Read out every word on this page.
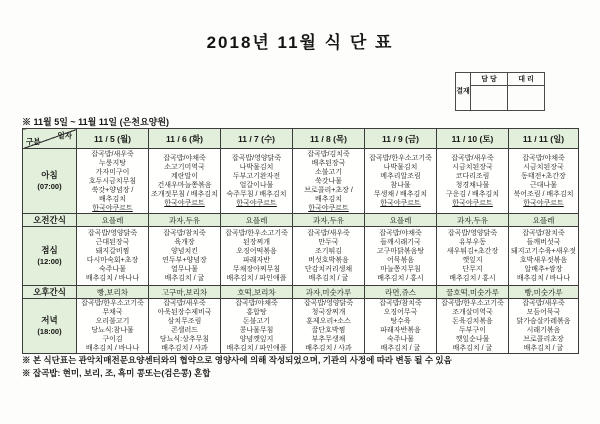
2018년 11월 식 단 표
결재	담 당	대 리

※ 11월 5일 ~ 11월 11일 (은천요양원)
일자
구분	11 / 5 (월)	11 / 6 (화)	11 / 7 (수)	11 / 8 (목)	11 / 9 (금)	11 / 10 (토)	11 / 11 (일)

아침
(07:00)

잡곡밥/새우죽
누룽지탕
가자미구이
호두시금치무침
쑥갓+양념장 /
배추김치
한국야쿠르트

잡곡밥/야채죽
소고기미역국
계란말이
건새우마늘쫑볶음
조개젓무침 / 배추김치
한국야쿠르트

잡곡밥/영양닭죽
나박물김치
두부고기완자전
얼갈이나물
숙주무침 / 배추김치
한국야쿠르트

잡곡밥/김치죽
배추된장국
소불고기
쑥갓나물
브로콜리+초장 /
배추김치
한국야쿠르트

잡곡밥/한우소고기죽
나박물김치
메추리알조림
참나물
무생채 / 배추김치
한국야쿠르트

잡곡밥/새우죽
시금치된장국
코다리조림
청경채나물
구운김 / 배추김치
한국야쿠르트

잡곡밥/야채죽
시금치된장국
동태전+초간장
근대나물
북어조림 / 배추김치
한국야쿠르트

오전간식	요플레	과자,두유	요플레	과자,두유	요플레	과자,두유	요플레

점심
(12:00)

잡곡밥/영양닭죽
근대된장국
돼지갈비찜
다시마숙회+초장
숙주나물
배추김치 / 바나나

잡곡밥/참치죽
육개장
양념치킨
연두부+양념장
열무나물
배추김치 / 귤

잡곡밥/한우소고기죽
된장찌개
오징어떡볶음
파래자반
무채장아찌무침
배추김치 / 파인애플

잡곡밥/새우죽
만두국
조기튀김
버섯호박볶음
단감치커리생채
배추김치 / 귤

잡곡밥/야채죽
들깨시래기국
고구마닭볶음탕
어묵볶음
마늘쫑지무침
배추김치 / 홍시

잡곡밥/영양닭죽
유부우동
새우튀김+초간장
깻잎지
단무지
배추김치 / 홍시

잡곡밥/참치죽
들깨버섯국
돼지고기수육+새우젓
호박새우젓볶음
알배추+쌈장
배추김치 / 바나나

오후간식	빵,보리차	고구마,보리차	호떡,보리차	과자,미숫가루	라면,쥬스	꿀호떡,미숫가루	빵,미숫가루

저녁
(18:00)

잡곡밥/한우소고기죽
무채국
오리불고기
당뇨식:참나물
구이김
배추김치 / 바나나

잡곡밥/새우죽
아욱된장수제비국
삼치무조림
콘샐러드
당뇨식:상추무침
배추김치 / 사과

잡곡밥/야채죽
홍합탕
돈불고기
콩나물무침
양념깻잎지
배추김치 / 파인애플

잡곡밥/영양닭죽
청국장찌개
훈제오리+소스
꿀단호박찜
부추무생채
배추김치 / 사과

잡곡밥/참치죽
오징어무국
탕수육
파래자반볶음
숙주나물
배추김치 / 귤

잡곡밥/한우소고기죽
조개살미역국
돈육김치볶음
두부구이
깻잎순나물
배추김치 / 귤

잡곡밥/새우죽
모듬어묵국
닭가슴살카레볶음
시래기볶음
브로콜리초장
배추김치 / 귤
※ 본 식단표는 관악치매전문요양센터와의 협약으로 영양사에 의해 작성되었으며, 기관의 사정에 따라 변동 될 수 있음
※ 잡곡밥: 현미, 보리, 조, 흑미 콩또는(검은콩) 혼합
